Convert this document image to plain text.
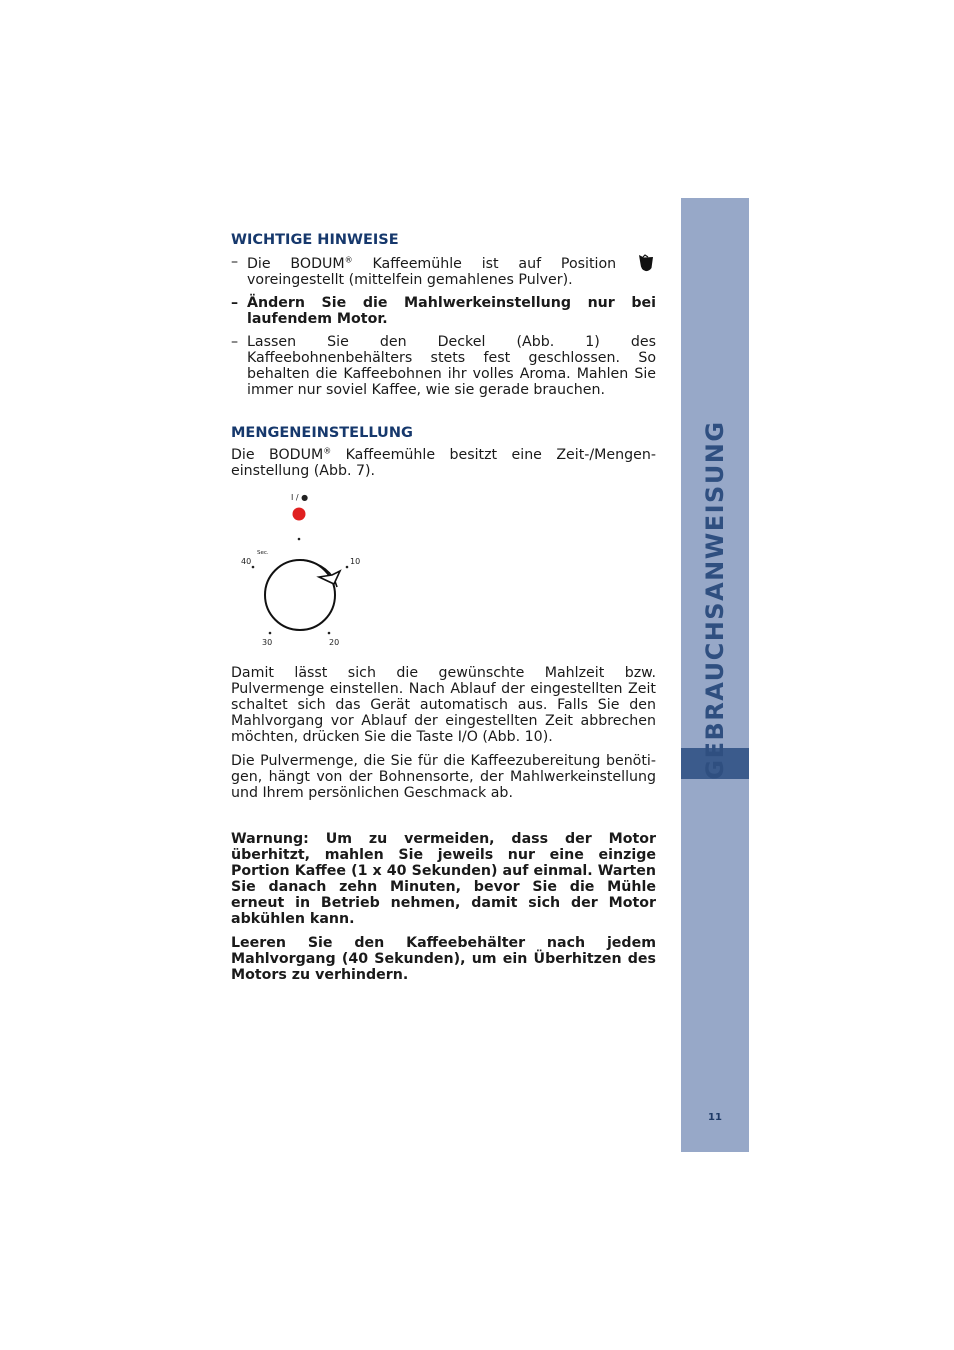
GEBRAUCHSANWEISUNG
11
WICHTIGE HINWEISE
– Die BODUM® Kaffeemühle ist auf Position  voreingestellt (mittelfein gemahlenes Pulver).
– Ändern Sie die Mahlwerkeinstellung nur bei laufendem Motor.
– Lassen Sie den Deckel (Abb. 1) des Kaffeebohnenbehälters stets fest geschlossen. So behalten die Kaffeebohnen ihr volles Aroma. Mahlen Sie immer nur soviel Kaffee, wie sie gerade brauchen.
MENGENEINSTELLUNG

Die BODUM® Kaffeemühle besitzt eine Zeit-/Mengeneinstellung (Abb. 7).

I / ●
Sec.
40	10
30	20

Damit lässt sich die gewünschte Mahlzeit bzw. Pulvermenge einstellen. Nach Ablauf der eingestellten Zeit schaltet sich das Gerät automatisch aus. Falls Sie den Mahlvorgang vor Ablauf der eingestellten Zeit abbrechen möchten, drücken Sie die Taste I/O (Abb. 10).

Die Pulvermenge, die Sie für die Kaffeezubereitung benötigen, hängt von der Bohnensorte, der Mahlwerkeinstellung und Ihrem persönlichen Geschmack ab.

Warnung: Um zu vermeiden, dass der Motor überhitzt, mahlen Sie jeweils nur eine einzige Portion Kaffee (1 x 40 Sekunden) auf einmal. Warten Sie danach zehn Minuten, bevor Sie die Mühle erneut in Betrieb nehmen, damit sich der Motor abkühlen kann.

Leeren Sie den Kaffeebehälter nach jedem Mahlvorgang (40 Sekunden), um ein Überhitzen des Motors zu verhindern.
